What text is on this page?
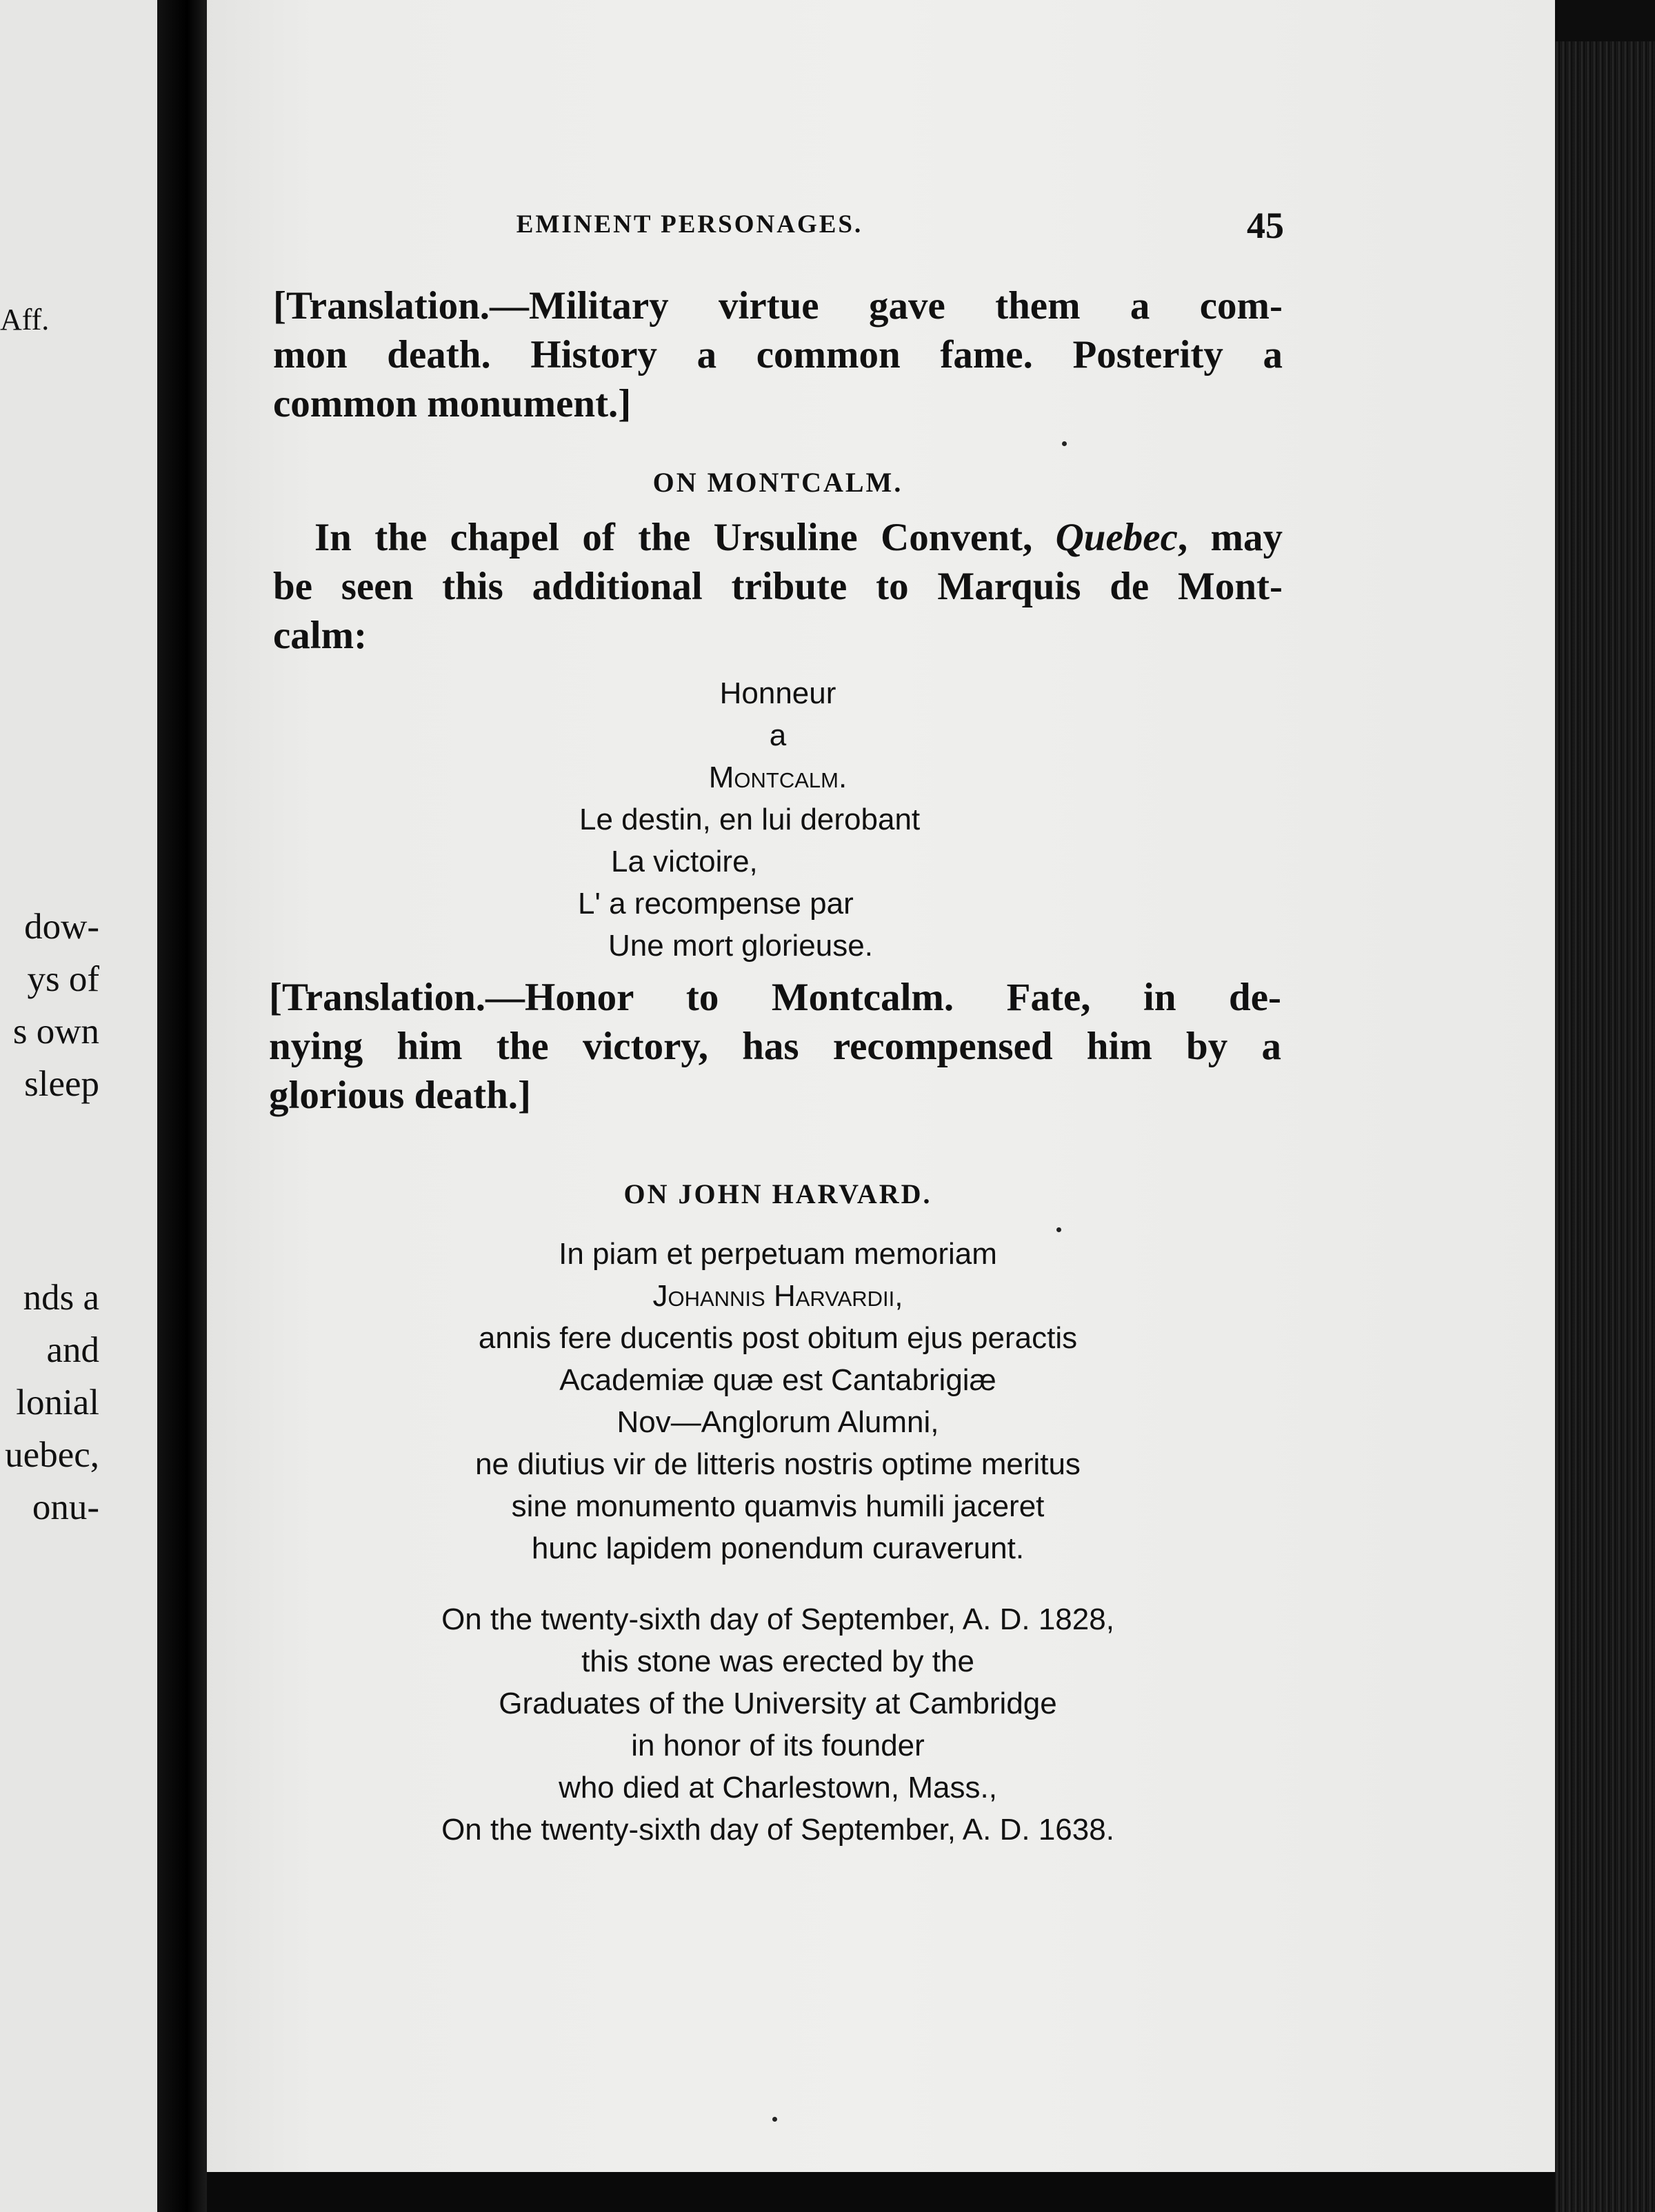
Aff.
dow-
ys of
s own
sleep
nds a
and
lonial
uebec,
onu-
EMINENT PERSONAGES.	45
[Translation.—Military virtue gave them a com-
mon death. History a common fame. Posterity a
common monument.]
ON MONTCALM.
In the chapel of the Ursuline Convent, Quebec, may
be seen this additional tribute to Marquis de Mont-
calm:
Honneur
a
Montcalm.
Le destin, en lui derobant
La victoire,
L' a recompense par
Une mort glorieuse.
[Translation.—Honor to Montcalm. Fate, in de-
nying him the victory, has recompensed him by a
glorious death.]
ON JOHN HARVARD.
In piam et perpetuam memoriam
Johannis Harvardii,
annis fere ducentis post obitum ejus peractis
Academiæ quæ est Cantabrigiæ
Nov—Anglorum Alumni,
ne diutius vir de litteris nostris optime meritus
sine monumento quamvis humili jaceret
hunc lapidem ponendum curaverunt.
On the twenty-sixth day of September, A. D. 1828,
this stone was erected by the
Graduates of the University at Cambridge
in honor of its founder
who died at Charlestown, Mass.,
On the twenty-sixth day of September, A. D. 1638.
